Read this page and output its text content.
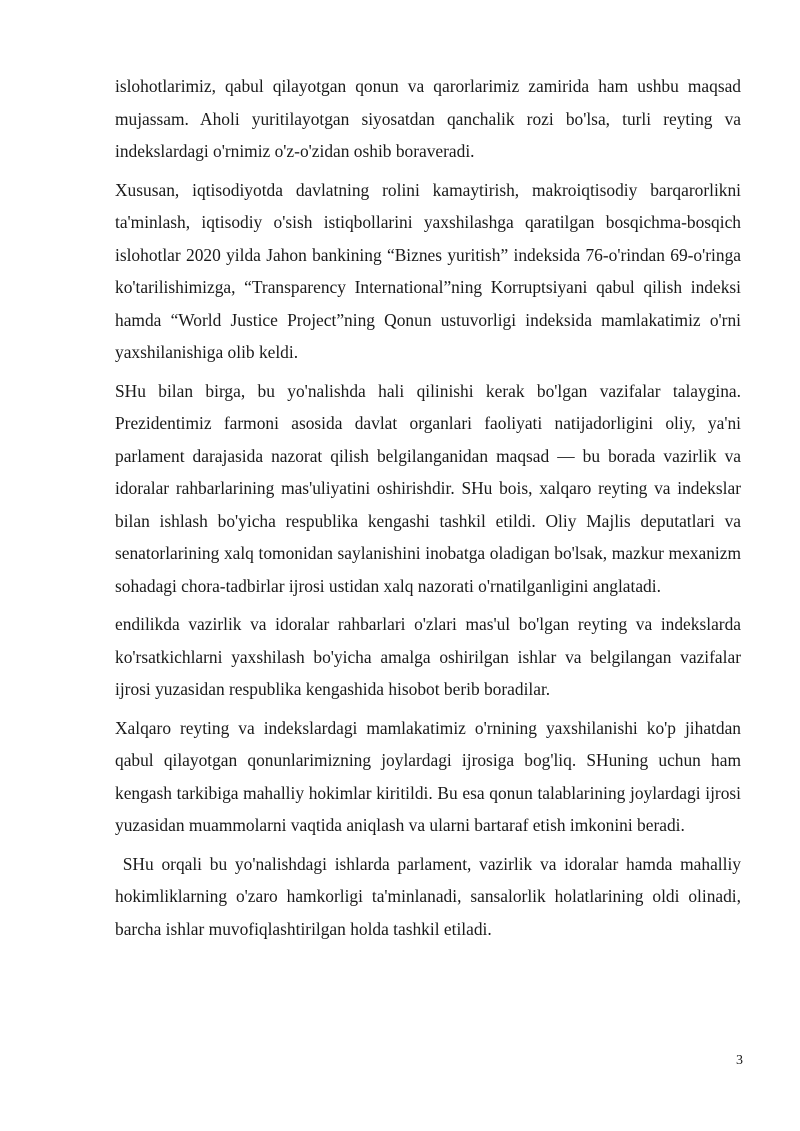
islohotlarimiz, qabul qilayotgan qonun va qarorlarimiz zamirida ham ushbu maqsad mujassam. Aholi yuritilayotgan siyosatdan qanchalik rozi bo'lsa, turli reyting va indekslardagi o'rnimiz o'z-o'zidan oshib boraveradi.

Xususan, iqtisodiyotda davlatning rolini kamaytirish, makroiqtisodiy barqarorlikni ta'minlash, iqtisodiy o'sish istiqbollarini yaxshilashga qaratilgan bosqichma-bosqich islohotlar 2020 yilda Jahon bankining “Biznes yuritish” indeksida 76-o'rindan 69-o'ringa ko'tarilishimizga, “Transparency International”ning Korruptsiyani qabul qilish indeksi hamda “World Justice Project”ning Qonun ustuvorligi indeksida mamlakatimiz o'rni yaxshilanishiga olib keldi.

SHu bilan birga, bu yo'nalishda hali qilinishi kerak bo'lgan vazifalar talaygina. Prezidentimiz farmoni asosida davlat organlari faoliyati natijadorligini oliy, ya'ni parlament darajasida nazorat qilish belgilanganidan maqsad — bu borada vazirlik va idoralar rahbarlarining mas'uliyatini oshirishdir. SHu bois, xalqaro reyting va indekslar bilan ishlash bo'yicha respublika kengashi tashkil etildi. Oliy Majlis deputatlari va senatorlarining xalq tomonidan saylanishini inobatga oladigan bo'lsak, mazkur mexanizm sohadagi chora-tadbirlar ijrosi ustidan xalq nazorati o'rnatilganligini anglatadi.

endilikda vazirlik va idoralar rahbarlari o'zlari mas'ul bo'lgan reyting va indekslarda ko'rsatkichlarni yaxshilash bo'yicha amalga oshirilgan ishlar va belgilangan vazifalar ijrosi yuzasidan respublika kengashida hisobot berib boradilar.

Xalqaro reyting va indekslardagi mamlakatimiz o'rnining yaxshilanishi ko'p jihatdan qabul qilayotgan qonunlarimizning joylardagi ijrosiga bog'liq. SHuning uchun ham kengash tarkibiga mahalliy hokimlar kiritildi. Bu esa qonun talablarining joylardagi ijrosi yuzasidan muammolarni vaqtida aniqlash va ularni bartaraf etish imkonini beradi.

SHu orqali bu yo'nalishdagi ishlarda parlament, vazirlik va idoralar hamda mahalliy hokimliklarning o'zaro hamkorligi ta'minlanadi, sansalorlik holatlarining oldi olinadi, barcha ishlar muvofiqlashtirilgan holda tashkil etiladi.

3
